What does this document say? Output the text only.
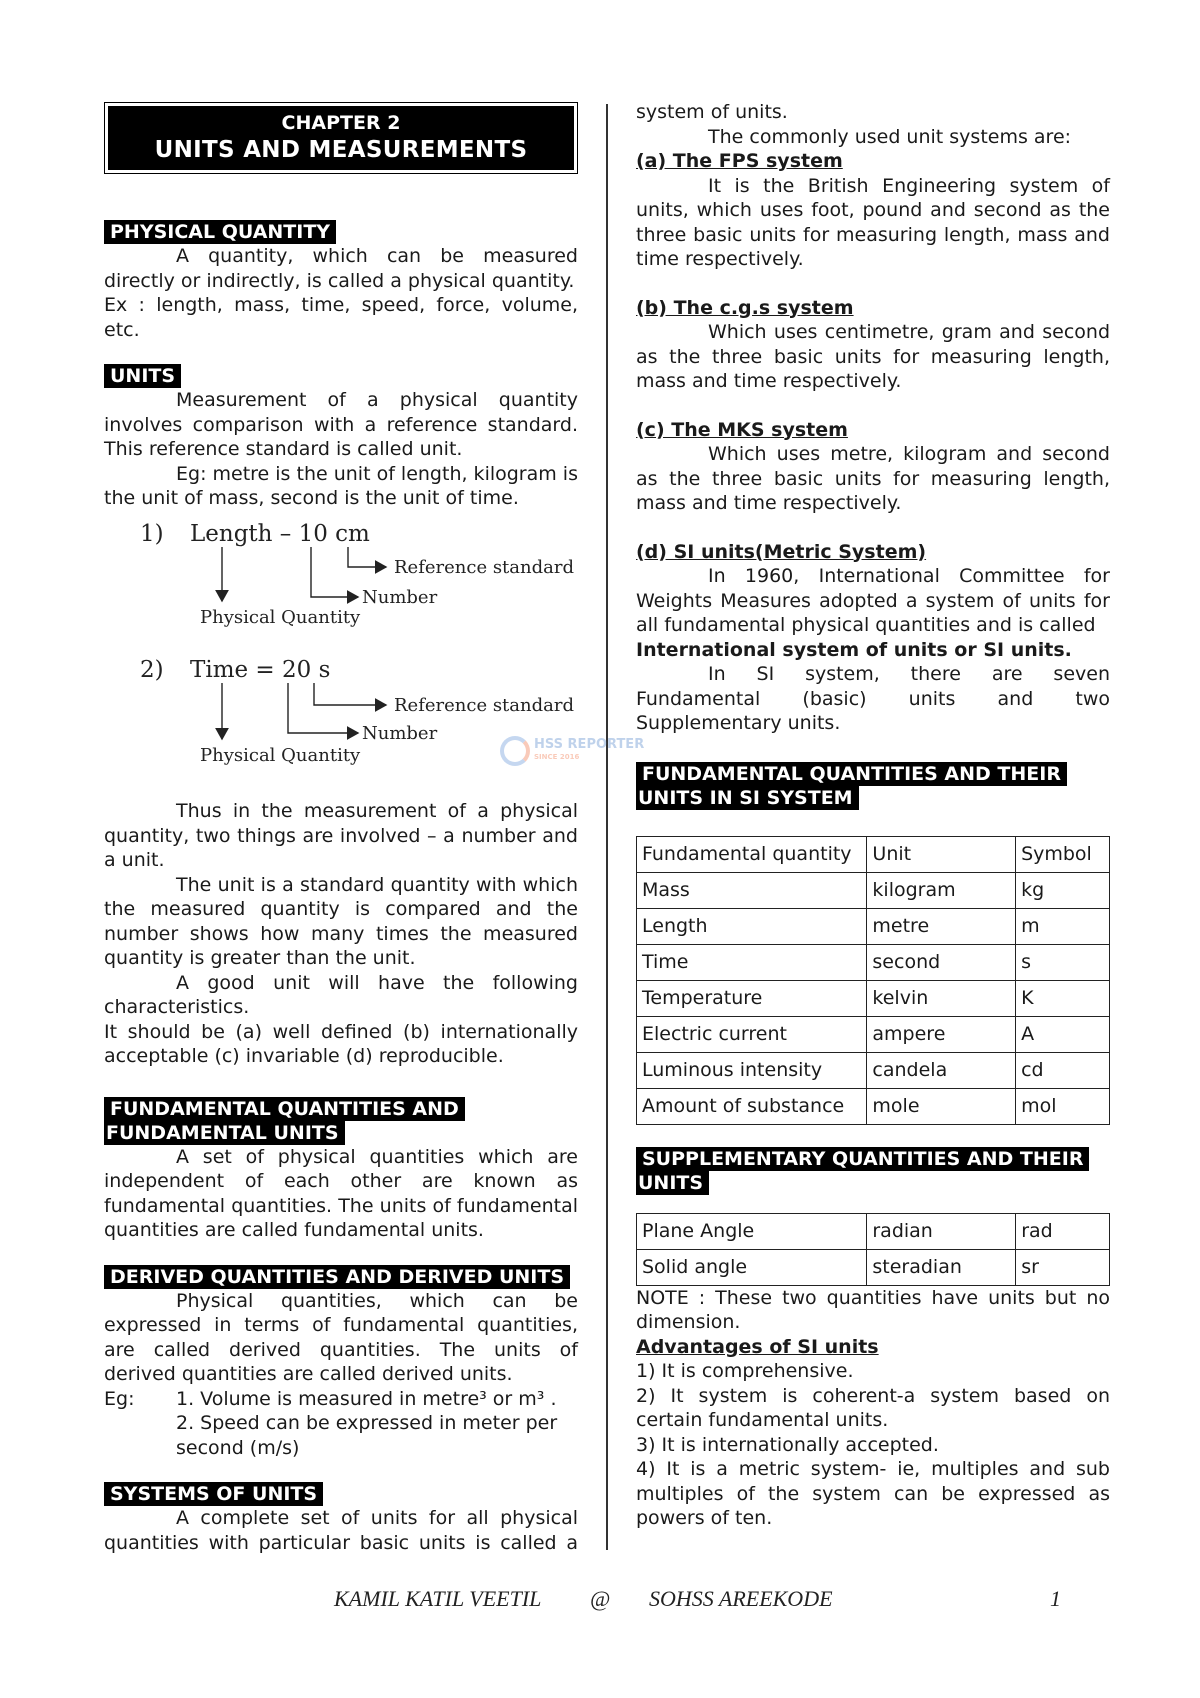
CHAPTER 2
UNITS AND MEASUREMENTS
PHYSICAL QUANTITY

A quantity, which can be measured directly or indirectly, is called a physical quantity.

Ex : length, mass, time, speed, force, volume, etc.

UNITS

Measurement of a physical quantity involves comparison with a reference standard. This reference standard is called unit.

Eg: metre is the unit of length, kilogram is the unit of mass, second is the unit of time.

1) Length – 10 cm
Reference standard
Number
Physical Quantity
2) Time = 20 s
Reference standard
Number
Physical Quantity

Thus in the measurement of a physical quantity, two things are involved – a number and a unit.

The unit is a standard quantity with which the measured quantity is compared and the number shows how many times the measured quantity is greater than the unit.

A good unit will have the following characteristics.

It should be (a) well defined (b) internationally acceptable (c) invariable (d) reproducible.

FUNDAMENTAL QUANTITIES AND
FUNDAMENTAL UNITS

A set of physical quantities which are independent of each other are known as fundamental quantities. The units of fundamental quantities are called fundamental units.

DERIVED QUANTITIES AND DERIVED UNITS

Physical quantities, which can be expressed in terms of fundamental quantities, are called derived quantities. The units of derived quantities are called derived units.

Eg:	1. Volume is measured in metre³ or m³ .

2. Speed can be expressed in meter per second (m/s)

SYSTEMS OF UNITS

A complete set of units for all physical quantities with particular basic units is called a

system of units.

The commonly used unit systems are:

(a) The FPS system

It is the British Engineering system of units, which uses foot, pound and second as the three basic units for measuring length, mass and time respectively.

(b) The c.g.s system

Which uses centimetre, gram and second as the three basic units for measuring length, mass and time respectively.

(c) The MKS system

Which uses metre, kilogram and second as the three basic units for measuring length, mass and time respectively.

(d) SI units(Metric System)

In 1960, International Committee for Weights Measures adopted a system of units for all fundamental physical quantities and is called

International system of units or SI units.

In SI system, there are seven Fundamental (basic) units and two Supplementary units.

FUNDAMENTAL QUANTITIES AND THEIR
UNITS IN SI SYSTEM
Fundamental quantity	Unit	Symbol
Mass	kilogram	kg
Length	metre	m
Time	second	s
Temperature	kelvin	K
Electric current	ampere	A
Luminous intensity	candela	cd
Amount of substance	mole	mol
SUPPLEMENTARY QUANTITIES AND THEIR
UNITS
Plane Angle	radian	rad
Solid angle	steradian	sr

NOTE : These two quantities have units but no dimension.

Advantages of SI units

1) It is comprehensive.

2) It system is coherent-a system based on certain fundamental units.

3) It is internationally accepted.

4) It is a metric system- ie, multiples and sub multiples of the system can be expressed as powers of ten.

HSS REPORTER
SINCE 2016
KAMIL KATIL VEETIL @ SOHSS AREEKODE	1
